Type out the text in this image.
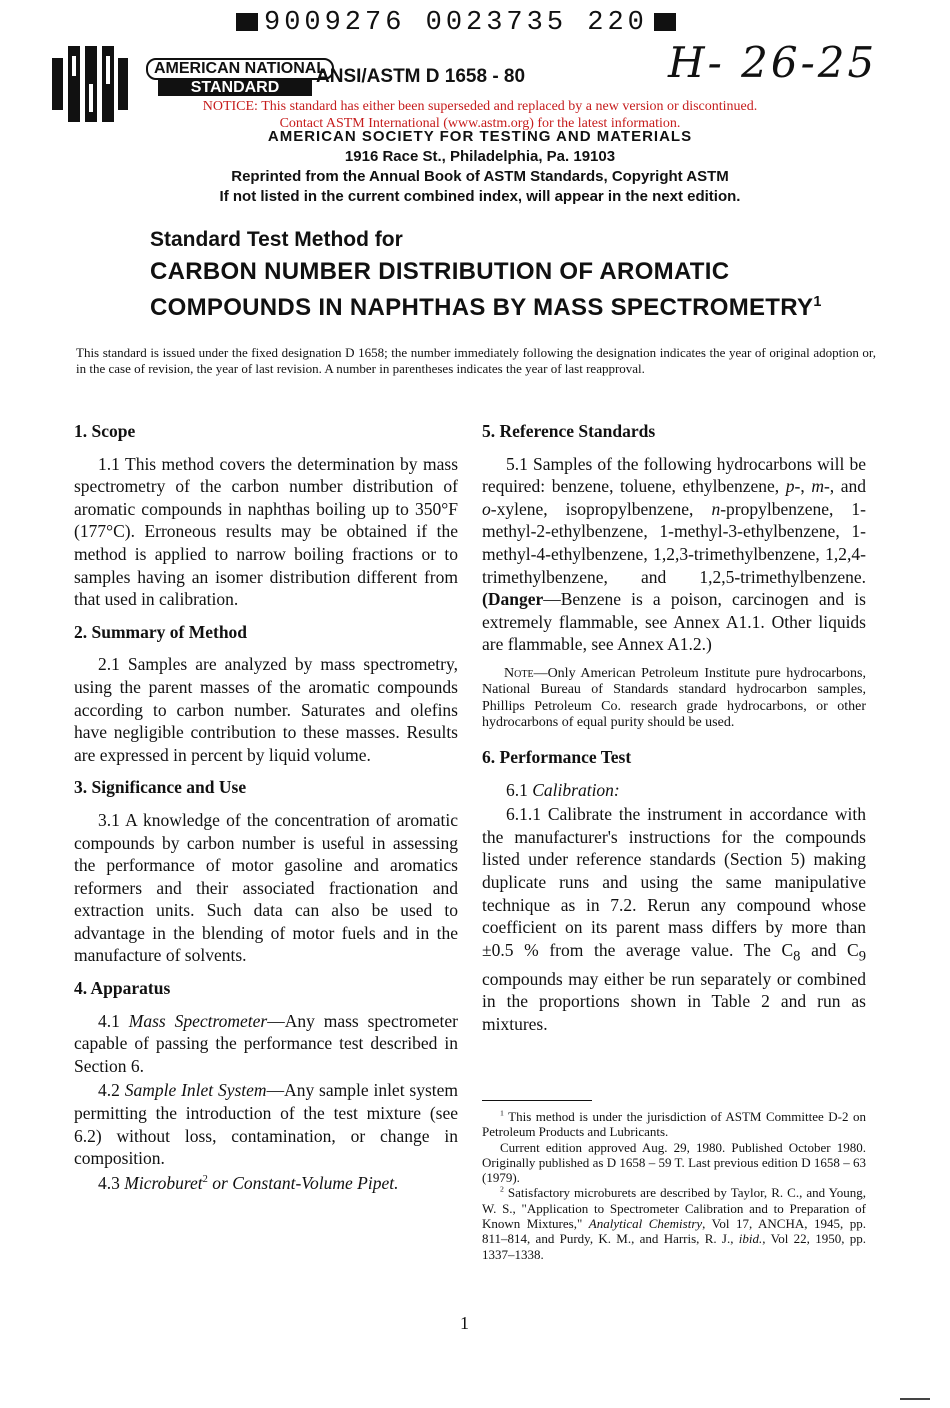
9009276 0023735 220
AMERICAN NATIONAL
STANDARD
ANSI/ASTM D 1658 - 80	H- 26-25
NOTICE: This standard has either been superseded and replaced by a new version or discontinued.
Contact ASTM International (www.astm.org) for the latest information.
AMERICAN SOCIETY FOR TESTING AND MATERIALS
1916 Race St., Philadelphia, Pa. 19103
Reprinted from the Annual Book of ASTM Standards, Copyright ASTM
If not listed in the current combined index, will appear in the next edition.
Standard Test Method for
CARBON NUMBER DISTRIBUTION OF AROMATIC
COMPOUNDS IN NAPHTHAS BY MASS SPECTROMETRY$^1$
This standard is issued under the fixed designation D 1658; the number immediately following the designation indicates the year of original adoption or, in the case of revision, the year of last revision. A number in parentheses indicates the year of last reapproval.
1. Scope
1.1 This method covers the determination by mass spectrometry of the carbon number distribution of aromatic compounds in naphthas boiling up to 350°F (177°C). Erroneous results may be obtained if the method is applied to narrow boiling fractions or to samples having an isomer distribution different from that used in calibration.
2. Summary of Method
2.1 Samples are analyzed by mass spectrometry, using the parent masses of the aromatic compounds according to carbon number. Saturates and olefins have negligible contribution to these masses. Results are expressed in percent by liquid volume.
3. Significance and Use
3.1 A knowledge of the concentration of aromatic compounds by carbon number is useful in assessing the performance of motor gasoline and aromatics reformers and their associated fractionation and extraction units. Such data can also be used to advantage in the blending of motor fuels and in the manufacture of solvents.
4. Apparatus
4.1 Mass Spectrometer—Any mass spectrometer capable of passing the performance test described in Section 6.
4.2 Sample Inlet System—Any sample inlet system permitting the introduction of the test mixture (see 6.2) without loss, contamination, or change in composition.
4.3 Microburet$^2$ or Constant-Volume Pipet.
5. Reference Standards
5.1 Samples of the following hydrocarbons will be required: benzene, toluene, ethylbenzene, p-, m-, and o-xylene, isopropylbenzene, n-propylbenzene, 1-methyl-2-ethylbenzene, 1-methyl-3-ethylbenzene, 1-methyl-4-ethylbenzene, 1,2,3-trimethylbenzene, 1,2,4-trimethylbenzene, and 1,2,5-trimethylbenzene. (Danger—Benzene is a poison, carcinogen and is extremely flammable, see Annex A1.1. Other liquids are flammable, see Annex A1.2.)
Note—Only American Petroleum Institute pure hydrocarbons, National Bureau of Standards standard hydrocarbon samples, Phillips Petroleum Co. research grade hydrocarbons, or other hydrocarbons of equal purity should be used.
6. Performance Test
6.1 Calibration:
6.1.1 Calibrate the instrument in accordance with the manufacturer's instructions for the compounds listed under reference standards (Section 5) making duplicate runs and using the same manipulative technique as in 7.2. Rerun any compound whose coefficient on its parent mass differs by more than ±0.5 % from the average value. The $C_8$ and $C_9$ compounds may either be run separately or combined in the proportions shown in Table 2 and run as mixtures.

$^1$ This method is under the jurisdiction of ASTM Committee D-2 on Petroleum Products and Lubricants.

Current edition approved Aug. 29, 1980. Published October 1980. Originally published as D 1658 – 59 T. Last previous edition D 1658 – 63 (1979).

$^2$ Satisfactory microburets are described by Taylor, R. C., and Young, W. S., "Application to Spectrometer Calibration and to Preparation of Known Mixtures," Analytical Chemistry, Vol 17, ANCHA, 1945, pp. 811–814, and Purdy, K. M., and Harris, R. J., ibid., Vol 22, 1950, pp. 1337–1338.

1
